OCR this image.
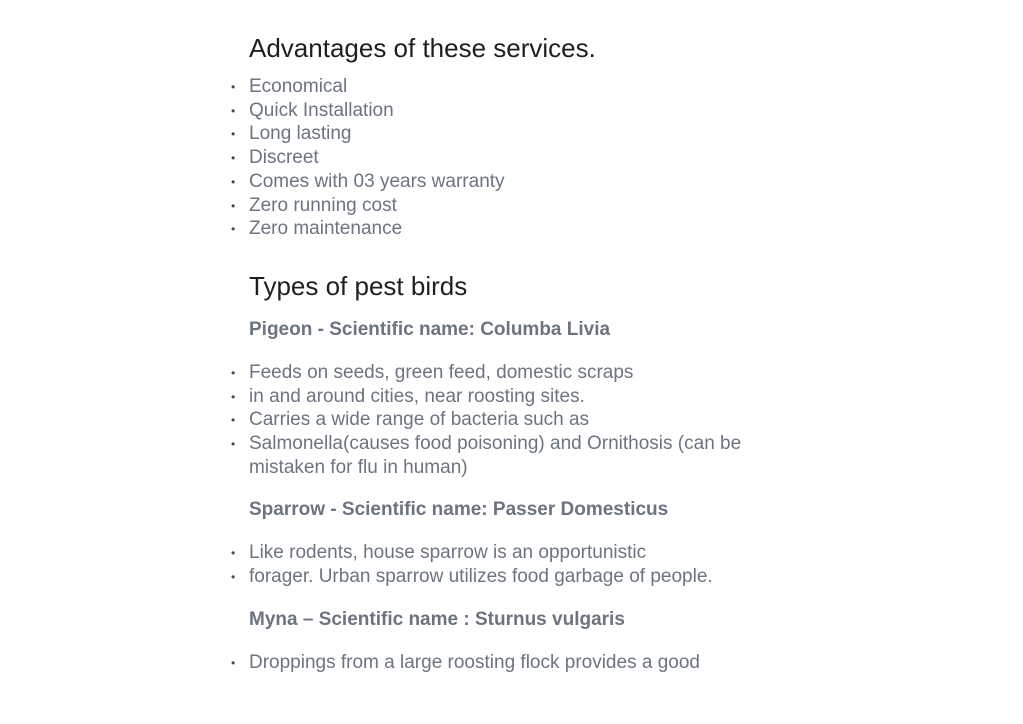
Advantages of these services.
• Economical
• Quick Installation
• Long lasting
• Discreet
• Comes with 03 years warranty
• Zero running cost
• Zero maintenance
Types of pest birds
Pigeon - Scientific name: Columba Livia
• Feeds on seeds, green feed, domestic scraps
• in and around cities, near roosting sites.
• Carries a wide range of bacteria such as
• Salmonella(causes food poisoning) and Ornithosis (can be mistaken for flu in human)
Sparrow - Scientific name: Passer Domesticus
• Like rodents, house sparrow is an opportunistic
• forager. Urban sparrow utilizes food garbage of people.
Myna – Scientific name : Sturnus vulgaris
• Droppings from a large roosting flock provides a good
